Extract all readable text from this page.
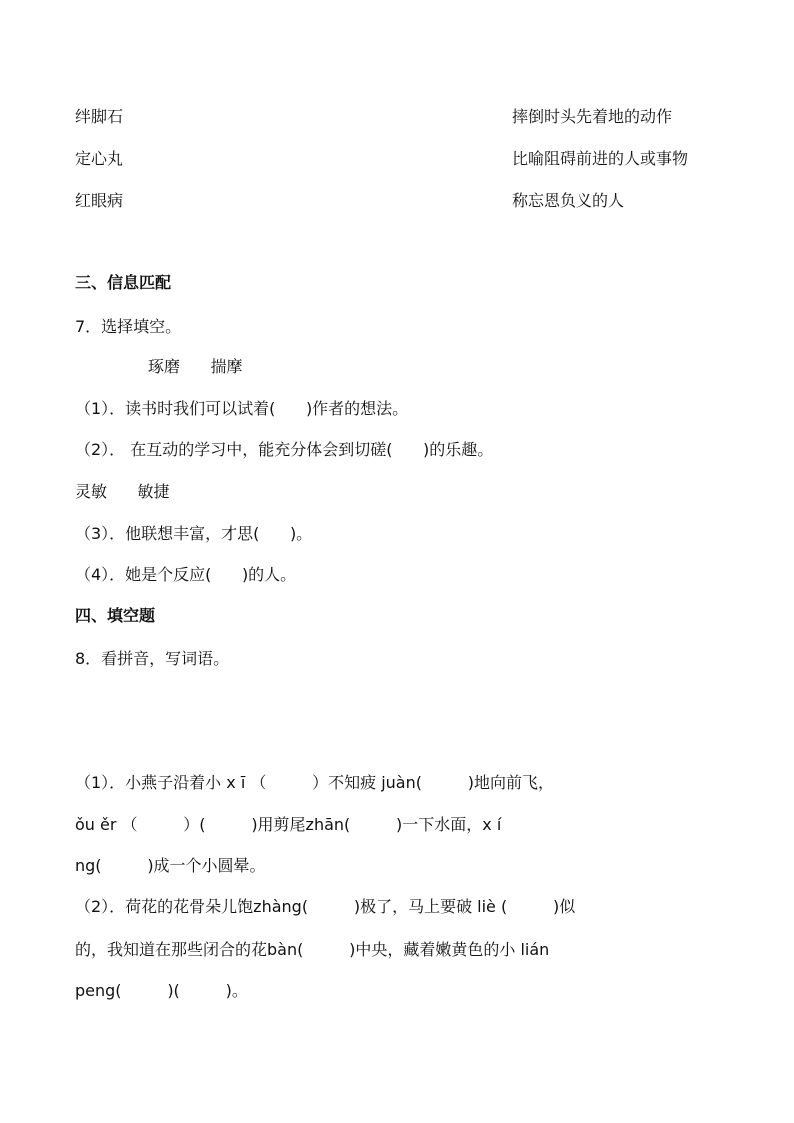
绊脚石
定心丸
红眼病
摔倒时头先着地的动作
比喻阻碍前进的人或事物
称忘恩负义的人
三、信息匹配
7．选择填空。
琢磨      揣摩
（1）．读书时我们可以试着(      )作者的想法。
（2）． 在互动的学习中，能充分体会到切磋(      )的乐趣。
灵敏      敏捷
（3）．他联想丰富，才思(      )。
（4）．她是个反应(      )的人。
四、填空题
8．看拼音，写词语。
（1）．小燕子沿着小 x ī （         ）不知疲 juàn(         )地向前飞，
ǒu ěr （         ）(         )用剪尾zhān(         )一下水面，x í
ng(         )成一个小圆晕。
（2）．荷花的花骨朵儿饱zhàng(         )极了，马上要破 liè (         )似
的，我知道在那些闭合的花bàn(         )中央，藏着嫩黄色的小 lián
peng(         )(         )。
